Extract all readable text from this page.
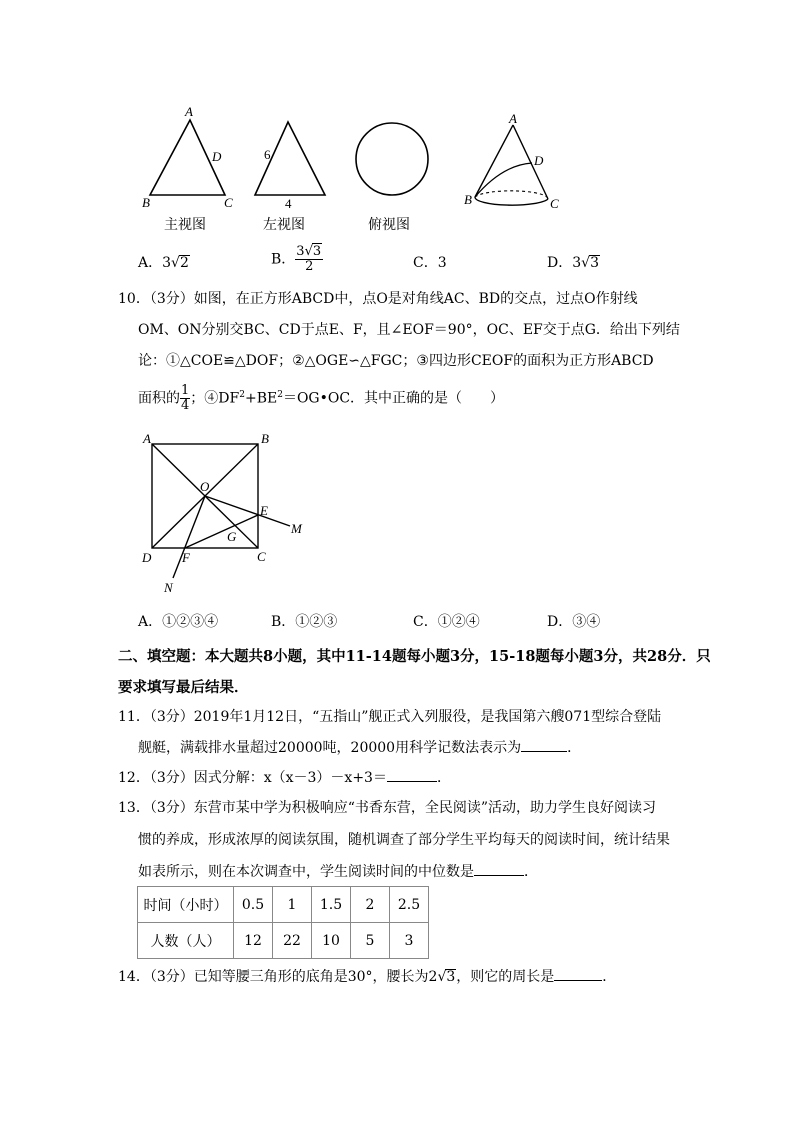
A
D
B	C
主视图
6
4
左视图	俯视图
A
D
B	C
A．3√2	B． $\frac{3√3}{2}$	C．3	D．3√3
10．（3分）如图，在正方形ABCD中，点O是对角线AC、BD的交点，过点O作射线
OM、ON分别交BC、CD于点E、F，且∠EOF＝90°，OC、EF交于点G．给出下列结
论：①△COE≌△DOF；②△OGE∽△FGC；③四边形CEOF的面积为正方形ABCD
面积的 $\frac{1}{4}$ ；$④DF^2+BE^2=OG•OC$．其中正确的是（　　）
A	B
O
E
M
G
D F	C
N
A．①②③④	B．①②③	C．①②④	D．③④
二、填空题：本大题共8小题，其中11-14题每小题3分，15-18题每小题3分，共28分．只
要求填写最后结果．
11．（3分）2019年1月12日，“五指山”舰正式入列服役，是我国第六艘071型综合登陆
舰艇，满载排水量超过20000吨，20000用科学记数法表示为	．
12．（3分）因式分解：x（x－3）－x+3＝	．
13．（3分）东营市某中学为积极响应“书香东营，全民阅读”活动，助力学生良好阅读习
惯的养成，形成浓厚的阅读氛围，随机调查了部分学生平均每天的阅读时间，统计结果
如表所示，则在本次调查中，学生阅读时间的中位数是	．
时间（小时）	0.5	1	1.5	2	2.5
人数（人）	12	22	10	5	3
14．（3分）已知等腰三角形的底角是30°，腰长为2√3，则它的周长是	．
